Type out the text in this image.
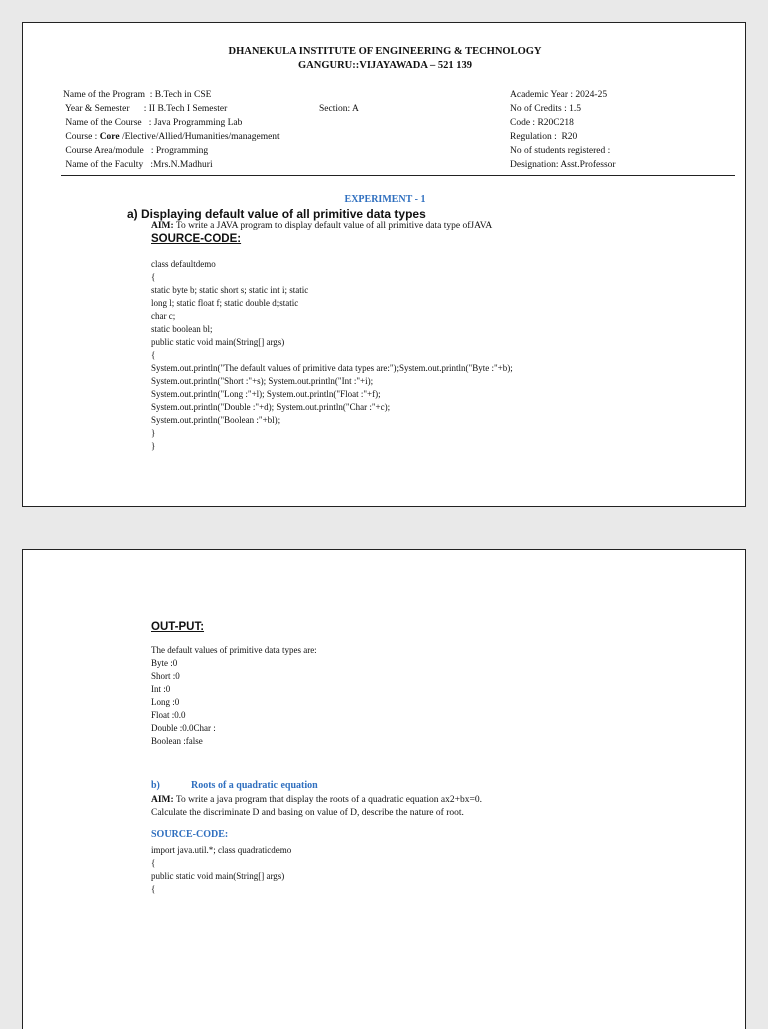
DHANEKULA INSTITUTE OF ENGINEERING & TECHNOLOGY
GANGURU::VIJAYAWADA – 521 139
Name of the Program  : B.Tech in CSE
Year & Semester      : II B.Tech I Semester
Name of the Course   : Java Programming Lab
Course : Core /Elective/Allied/Humanities/management
Course Area/module   : Programming
Name of the Faculty   :Mrs.N.Madhuri
Section: A
Academic Year : 2024-25
No of Credits : 1.5
Code : R20C218
Regulation :  R20
No of students registered :
Designation: Asst.Professor
EXPERIMENT - 1
a) Displaying default value of all primitive data types
AIM: To write a JAVA program to display default value of all primitive data type ofJAVA
SOURCE-CODE:
class defaultdemo
{
static byte b; static short s; static int i; static
long l; static float f; static double d;static
char c;
static boolean bl;
public static void main(String[] args)
{
System.out.println("The default values of primitive data types are:");System.out.println("Byte :"+b);
System.out.println("Short :"+s); System.out.println("Int :"+i);
System.out.println("Long :"+l); System.out.println("Float :"+f);
System.out.println("Double :"+d); System.out.println("Char :"+c);
System.out.println("Boolean :"+bl);
}
}
OUT-PUT:
The default values of primitive data types are:
Byte :0
Short :0
Int :0
Long :0
Float :0.0
Double :0.0Char :
Boolean :false
b)	Roots of a quadratic equation
AIM: To write a java program that display the roots of a quadratic equation ax2+bx=0.
Calculate the discriminate D and basing on value of D, describe the nature of root.
SOURCE-CODE:
import java.util.*; class quadraticdemo
{
public static void main(String[] args)
{
